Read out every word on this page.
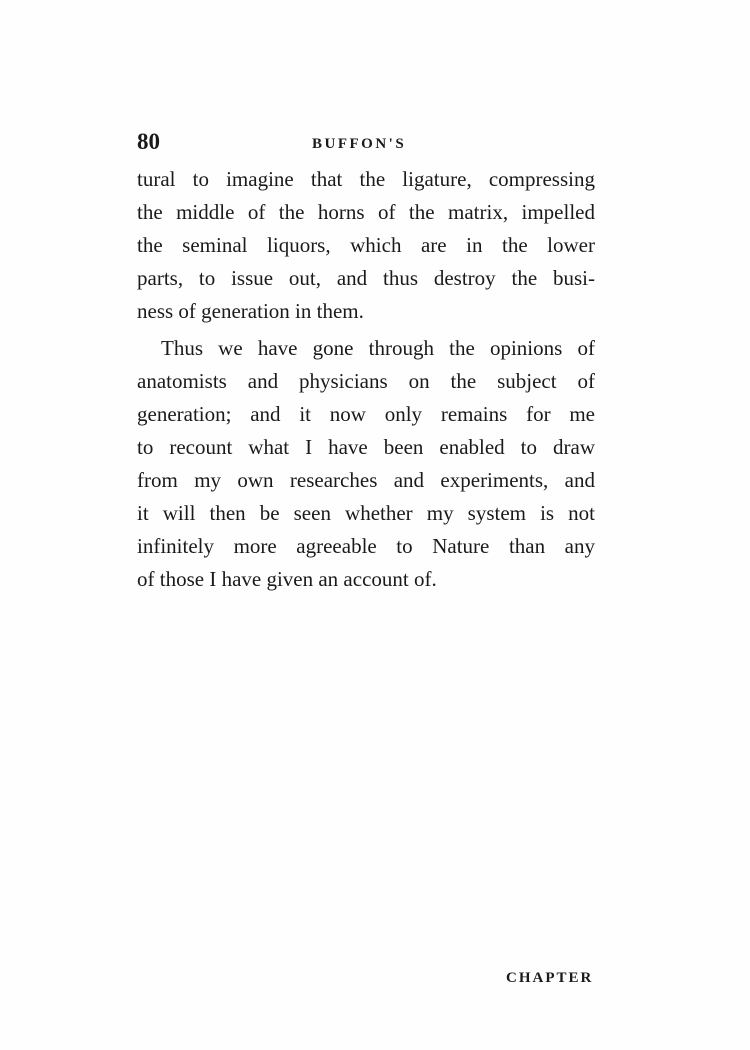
80	BUFFON'S
tural to imagine that the ligature, compressing
the middle of the horns of the matrix, impelled
the seminal liquors, which are in the lower
parts, to issue out, and thus destroy the busi-
ness of generation in them.
Thus we have gone through the opinions of
anatomists and physicians on the subject of
generation; and it now only remains for me
to recount what I have been enabled to draw
from my own researches and experiments, and
it will then be seen whether my system is not
infinitely more agreeable to Nature than any
of those I have given an account of.
CHAPTER
